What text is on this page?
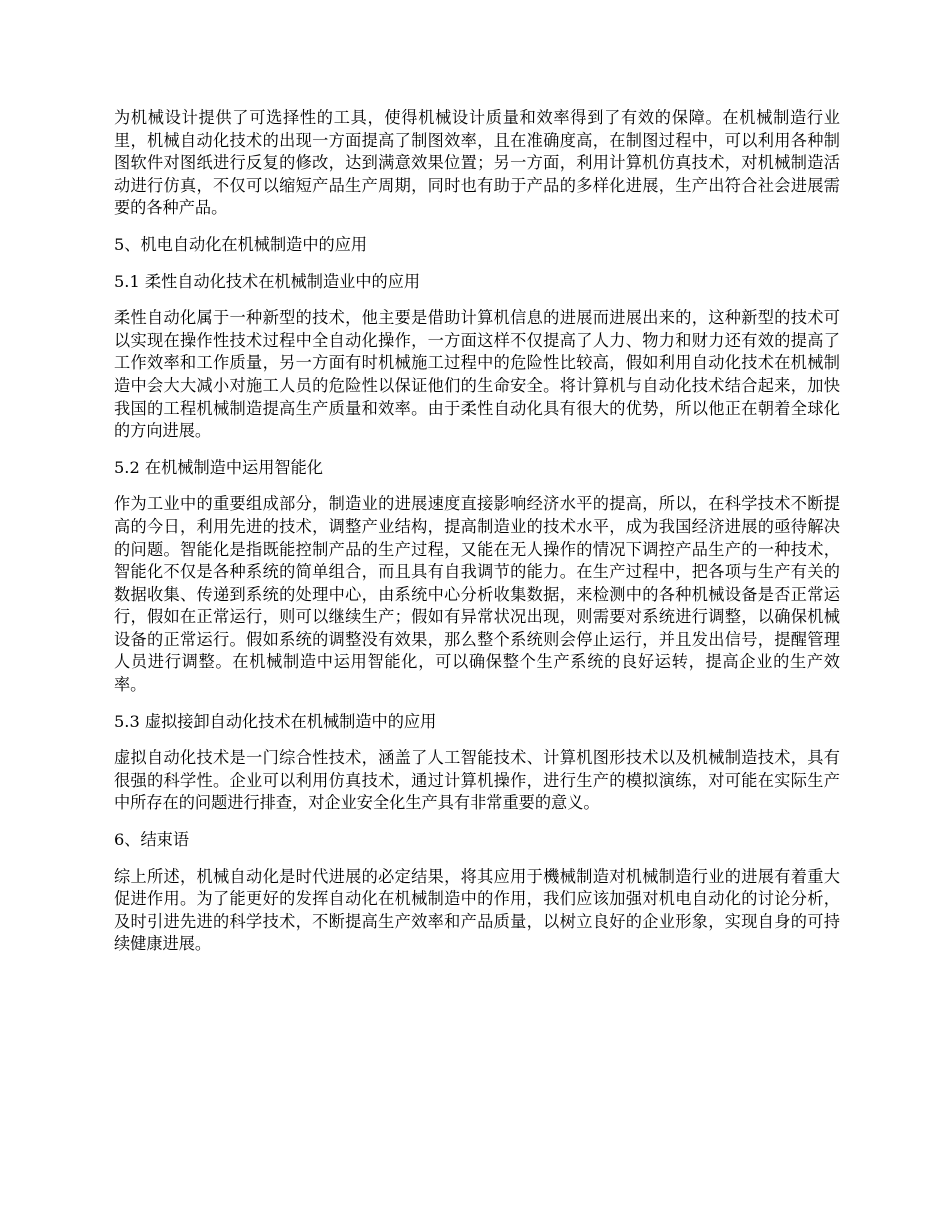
为机械设计提供了可选择性的工具，使得机械设计质量和效率得到了有效的保障。在机械制造行业里，机械自动化技术的出现一方面提高了制图效率，且在准确度高，在制图过程中，可以利用各种制图软件对图纸进行反复的修改，达到满意效果位置；另一方面，利用计算机仿真技术，对机械制造活动进行仿真，不仅可以缩短产品生产周期，同时也有助于产品的多样化进展，生产出符合社会进展需要的各种产品。

5、机电自动化在机械制造中的应用

5.1 柔性自动化技术在机械制造业中的应用

柔性自动化属于一种新型的技术，他主要是借助计算机信息的进展而进展出来的，这种新型的技术可以实现在操作性技术过程中全自动化操作，一方面这样不仅提高了人力、物力和财力还有效的提高了工作效率和工作质量，另一方面有时机械施工过程中的危险性比较高，假如利用自动化技术在机械制造中会大大减小对施工人员的危险性以保证他们的生命安全。将计算机与自动化技术结合起来，加快我国的工程机械制造提高生产质量和效率。由于柔性自动化具有很大的优势，所以他正在朝着全球化的方向进展。

5.2 在机械制造中运用智能化

作为工业中的重要组成部分，制造业的进展速度直接影响经济水平的提高，所以，在科学技术不断提高的今日，利用先进的技术，调整产业结构，提高制造业的技术水平，成为我国经济进展的亟待解决的问题。智能化是指既能控制产品的生产过程，又能在无人操作的情况下调控产品生产的一种技术，智能化不仅是各种系统的简单组合，而且具有自我调节的能力。在生产过程中，把各项与生产有关的数据收集、传递到系统的处理中心，由系统中心分析收集数据，来检测中的各种机械设备是否正常运行，假如在正常运行，则可以继续生产；假如有异常状况出现，则需要对系统进行调整，以确保机械设备的正常运行。假如系统的调整没有效果，那么整个系统则会停止运行，并且发出信号，提醒管理人员进行调整。在机械制造中运用智能化，可以确保整个生产系统的良好运转，提高企业的生产效率。

5.3 虚拟接卸自动化技术在机械制造中的应用

虚拟自动化技术是一门综合性技术，涵盖了人工智能技术、计算机图形技术以及机械制造技术，具有很强的科学性。企业可以利用仿真技术，通过计算机操作，进行生产的模拟演练，对可能在实际生产中所存在的问题进行排查，对企业安全化生产具有非常重要的意义。

6、结束语

综上所述，机械自动化是时代进展的必定结果，将其应用于機械制造对机械制造行业的进展有着重大促进作用。为了能更好的发挥自动化在机械制造中的作用，我们应该加强对机电自动化的讨论分析，及时引进先进的科学技术，不断提高生产效率和产品质量，以树立良好的企业形象，实现自身的可持续健康进展。
